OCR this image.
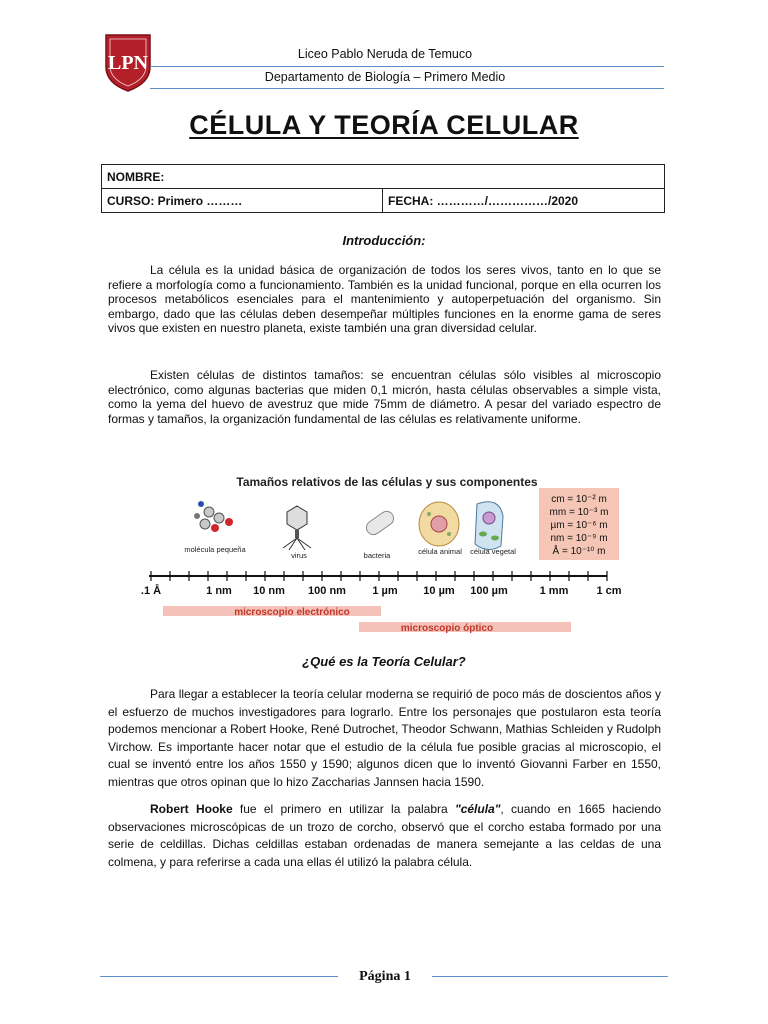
LPN	Liceo Pablo Neruda de Temuco
Departamento de Biología – Primero Medio
CÉLULA Y TEORÍA CELULAR
NOMBRE:
CURSO: Primero ………	FECHA: …………/……………/2020
Introducción:

La célula es la unidad básica de organización de todos los seres vivos, tanto en lo que se refiere a morfología como a funcionamiento. También es la unidad funcional, porque en ella ocurren los procesos metabólicos esenciales para el mantenimiento y autoperpetuación del organismo. Sin embargo, dado que las células deben desempeñar múltiples funciones en la enorme gama de seres vivos que existen en nuestro planeta, existe también una gran diversidad celular.

Existen células de distintos tamaños: se encuentran células sólo visibles al microscopio electrónico, como algunas bacterias que miden 0,1 micrón, hasta células observables a simple vista, como la yema del huevo de avestruz que mide 75mm de diámetro. A pesar del variado espectro de formas y tamaños, la organización fundamental de las células es relativamente uniforme.

Tamaños relativos de las células y sus componentes
molécula pequeña
virus	bacteria	célula animal célula vegetal
cm = 10⁻² m
mm = 10⁻³ m
µm = 10⁻⁶ m
nm = 10⁻⁹ m
Å = 10⁻¹⁰ m
.1 Å	1 nm 10 nm 100 nm 1 µm 10 µm 100 µm	1 mm	1 cm
microscopio electrónico
microscopio óptico
¿Qué es la Teoría Celular?

Para llegar a establecer la teoría celular moderna se requirió de poco más de doscientos años y el esfuerzo de muchos investigadores para lograrlo. Entre los personajes que postularon esta teoría podemos mencionar a Robert Hooke, René Dutrochet, Theodor Schwann, Mathias Schleiden y Rudolph Virchow. Es importante hacer notar que el estudio de la célula fue posible gracias al microscopio, el cual se inventó entre los años 1550 y 1590; algunos dicen que lo inventó Giovanni Farber en 1550, mientras que otros opinan que lo hizo Zaccharias Jannsen hacia 1590.

Robert Hooke fue el primero en utilizar la palabra "célula", cuando en 1665 haciendo observaciones microscópicas de un trozo de corcho, observó que el corcho estaba formado por una serie de celdillas. Dichas celdillas estaban ordenadas de manera semejante a las celdas de una colmena, y para referirse a cada una ellas él utilizó la palabra célula.

Página 1
